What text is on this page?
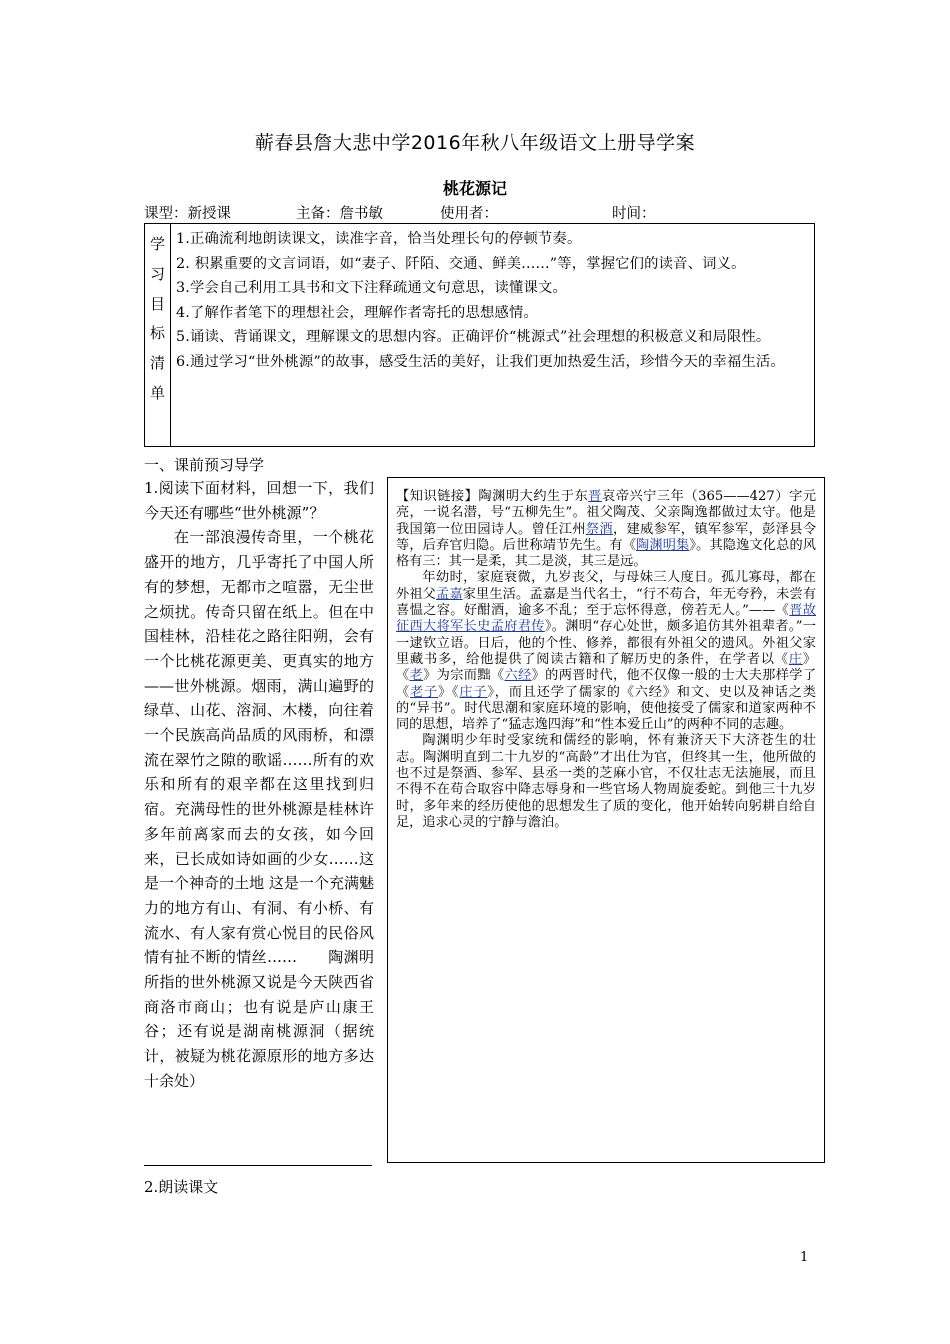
蕲春县詹大悲中学2016年秋八年级语文上册导学案
桃花源记
课型：新授课	主备：詹书敏	使用者：	时间：
学
习
目
标
清
单
1.正确流利地朗读课文，读准字音，恰当处理长句的停顿节奏。
2. 积累重要的文言词语，如“妻子、阡陌、交通、鲜美......”等，掌握它们的读音、词义。
3.学会自己利用工具书和文下注释疏通文句意思，读懂课文。
4.了解作者笔下的理想社会，理解作者寄托的思想感情。
5.诵读、背诵课文，理解课文的思想内容。正确评价“桃源式”社会理想的积极意义和局限性。
6.通过学习“世外桃源”的故事，感受生活的美好，让我们更加热爱生活，珍惜今天的幸福生活。
一、课前预习导学

1.阅读下面材料，回想一下，我们今天还有哪些“世外桃源”？

在一部浪漫传奇里，一个桃花盛开的地方，几乎寄托了中国人所有的梦想，无都市之喧嚣，无尘世之烦扰。传奇只留在纸上。但在中国桂林，沿桂花之路往阳朔，会有一个比桃花源更美、更真实的地方——世外桃源。烟雨，满山遍野的绿草、山花、溶洞、木楼，向往着一个民族高尚品质的风雨桥，和漂流在翠竹之隙的歌谣……所有的欢乐和所有的艰辛都在这里找到归宿。充满母性的世外桃源是桂林许多年前离家而去的女孩，如今回来，已长成如诗如画的少女……这是一个神奇的土地 这是一个充满魅力的地方有山、有洞、有小桥、有流水、有人家有赏心悦目的民俗风情有扯不断的情丝……　　 陶渊明所指的世外桃源又说是今天陕西省商洛市商山；也有说是庐山康王谷；还有说是湖南桃源洞（据统计，被疑为桃花源原形的地方多达十余处）

2.朗读课文

【知识链接】陶渊明大约生于东晋哀帝兴宁三年（365——427）字元亮，一说名潜，号“五柳先生”。祖父陶茂、父亲陶逸都做过太守。他是我国第一位田园诗人。曾任江州祭酒，建威参军，镇军参军，彭泽县令等，后弃官归隐。后世称靖节先生。有《陶渊明集》。其隐逸文化总的风格有三：其一是柔，其二是淡，其三是远。

年幼时，家庭衰微，九岁丧父，与母妹三人度日。孤儿寡母，都在外祖父孟嘉家里生活。孟嘉是当代名士，“行不苟合，年无夸矜，未尝有喜愠之容。好酣酒，逾多不乱；至于忘怀得意，傍若无人。”——《晋故征西大将军长史孟府君传》。渊明“存心处世，颇多追仿其外祖辈者。”一一逮钦立语。日后，他的个性、修养，都很有外祖父的遗风。外祖父家里藏书多，给他提供了阅读古籍和了解历史的条件，在学者以《庄》《老》为宗而黜《六经》的两晋时代，他不仅像一般的士大夫那样学了《老子》《庄子》，而且还学了儒家的《六经》和文、史以及神话之类的“异书”。时代思潮和家庭环境的影响，使他接受了儒家和道家两种不同的思想，培养了“猛志逸四海”和“性本爱丘山”的两种不同的志趣。

陶渊明少年时受家统和儒经的影响，怀有兼济天下大济苍生的壮志。陶渊明直到二十九岁的“高龄”才出仕为官，但终其一生，他所做的也不过是祭酒、参军、县丞一类的芝麻小官，不仅壮志无法施展，而且不得不在苟合取容中降志辱身和一些官场人物周旋委蛇。到他三十九岁时，多年来的经历使他的思想发生了质的变化，他开始转向躬耕自给自足，追求心灵的宁静与澹泊。

1
